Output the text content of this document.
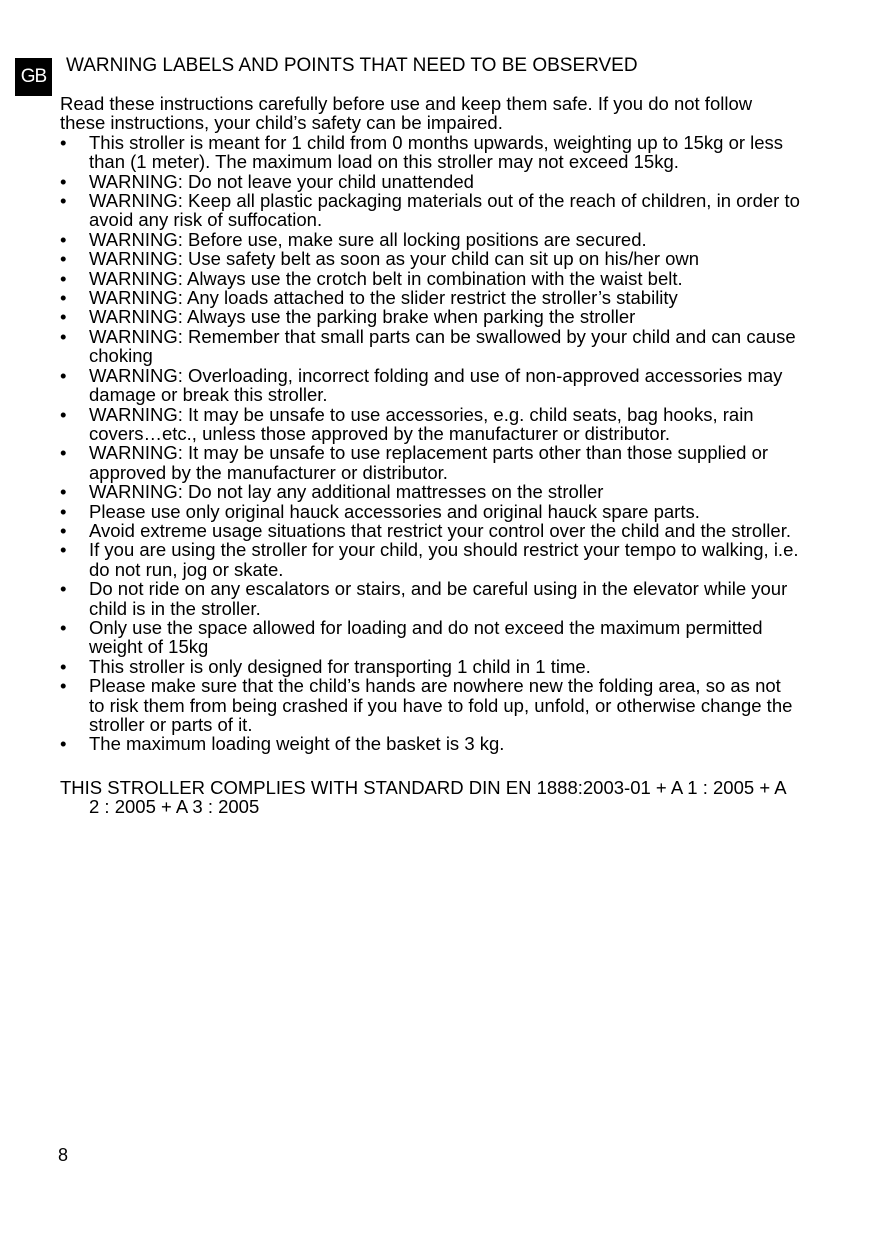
GB
WARNING LABELS AND POINTS THAT NEED TO BE OBSERVED

Read these instructions carefully before use and keep them safe. If you do not follow these instructions, your child’s safety can be impaired.

• This stroller is meant for 1 child from 0 months upwards, weighting up to 15kg or less than (1 meter). The maximum load on this stroller may not exceed 15kg.
• WARNING: Do not leave your child unattended
• WARNING: Keep all plastic packaging materials out of the reach of children, in order to avoid any risk of suffocation.
• WARNING: Before use, make sure all locking positions are secured.
• WARNING: Use safety belt as soon as your child can sit up on his/her own
• WARNING: Always use the crotch belt in combination with the waist belt.
• WARNING: Any loads attached to the slider restrict the stroller’s stability
• WARNING: Always use the parking brake when parking the stroller
• WARNING: Remember that small parts can be swallowed by your child and can cause choking
• WARNING: Overloading, incorrect folding and use of non-approved accessories may damage or break this stroller.
• WARNING: It may be unsafe to use accessories, e.g. child seats, bag hooks, rain covers…etc., unless those approved by the manufacturer or distributor.
• WARNING: It may be unsafe to use replacement parts other than those supplied or approved by the manufacturer or distributor.
• WARNING: Do not lay any additional mattresses on the stroller
• Please use only original hauck accessories and original hauck spare parts.
• Avoid extreme usage situations that restrict your control over the child and the stroller.
• If you are using the stroller for your child, you should restrict your tempo to walking, i.e. do not run, jog or skate.
• Do not ride on any escalators or stairs, and be careful using in the elevator while your child is in the stroller.
• Only use the space allowed for loading and do not exceed the maximum permitted weight of 15kg
• This stroller is only designed for transporting 1 child in 1 time.
• Please make sure that the child’s hands are nowhere new the folding area, so as not to risk them from being crashed if you have to fold up, unfold, or otherwise change the stroller or parts of it.
• The maximum loading weight of the basket is 3 kg.

THIS STROLLER COMPLIES WITH STANDARD DIN EN 1888:2003-01 + A 1 : 2005 + A 2 : 2005 + A 3 : 2005

8
